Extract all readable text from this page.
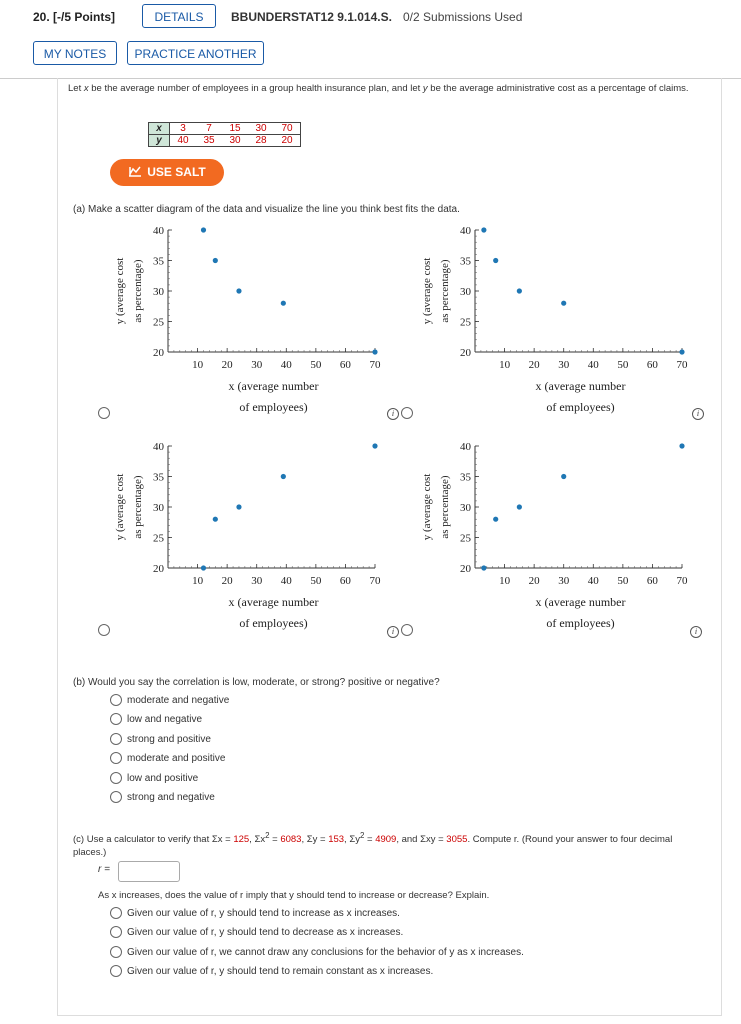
20. [-/5 Points]	DETAILS	BBUNDERSTAT12 9.1.014.S. 0/2 Submissions Used
MY NOTES	PRACTICE ANOTHER
Let x be the average number of employees in a group health insurance plan, and let y be the average administrative cost as a percentage of claims.
x	3	7	15	30	70
y	40	35	30	28	20
USE SALT
(a) Make a scatter diagram of the data and visualize the line you think best fits the data.
10 20 30 40 50 60 70
20
25
30
35
40
y (average cost as percentage)
x (average number
of employees)
10 20 30 40 50 60 70
20
25
30
35
40
y (average cost as percentage)
x (average number
of employees)
10 20 30 40 50 60 70
20
25
30
35
40
y (average cost as percentage)
x (average number
of employees)
10 20 30 40 50 60 70
20
25
30
35
40
y (average cost as percentage)
x (average number
of employees)
i	i
i	i
(b) Would you say the correlation is low, moderate, or strong? positive or negative?
moderate and negative
low and negative
strong and positive
moderate and positive
low and positive
strong and negative
(c) Use a calculator to verify that Σx = 125, $\Sigma x^2 = 6083$, Σy = 153, $\Sigma y^2 = 4909$, and Σxy = 3055. Compute r. (Round your answer to four decimal places.)
r =
As x increases, does the value of r imply that y should tend to increase or decrease? Explain.
Given our value of r, y should tend to increase as x increases.
Given our value of r, y should tend to decrease as x increases.
Given our value of r, we cannot draw any conclusions for the behavior of y as x increases.
Given our value of r, y should tend to remain constant as x increases.
